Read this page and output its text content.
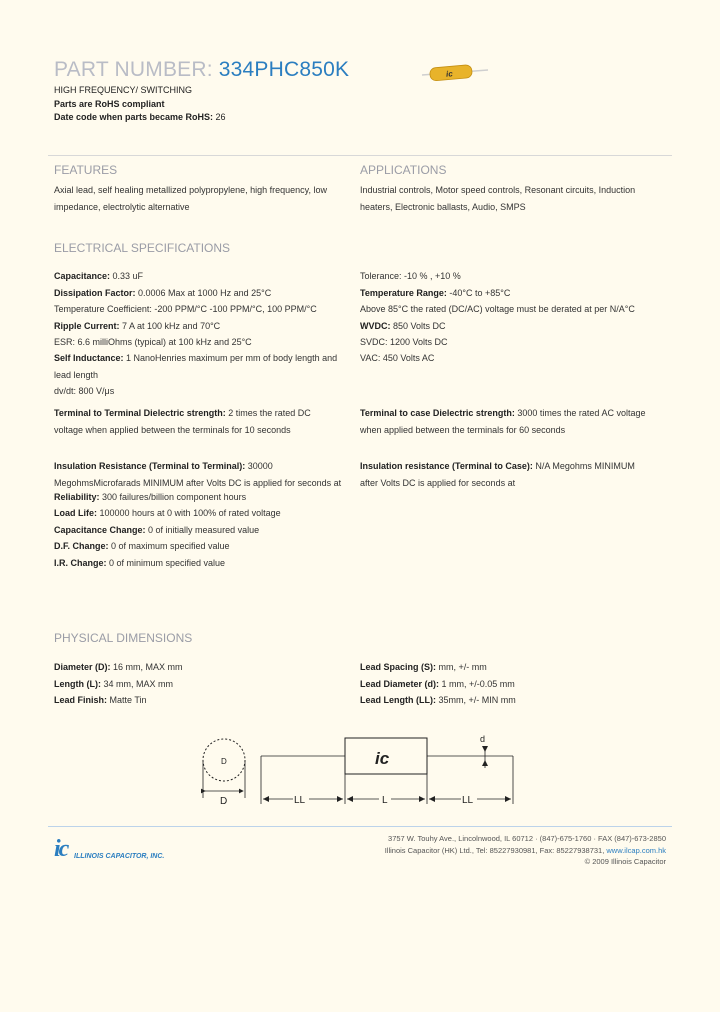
PART NUMBER: 334PHC850K	ic
HIGH FREQUENCY/ SWITCHING
Parts are RoHS compliant
Date code when parts became RoHS: 26
FEATURES
Axial lead, self healing metallized polypropylene, high frequency, low impedance, electrolytic alternative
APPLICATIONS
Industrial controls, Motor speed controls, Resonant circuits, Induction heaters, Electronic ballasts, Audio, SMPS
ELECTRICAL SPECIFICATIONS
Capacitance: 0.33 uF
Dissipation Factor: 0.0006 Max at 1000 Hz and 25°C
Temperature Coefficient: -200 PPM/°C -100 PPM/°C, 100 PPM/°C
Ripple Current: 7 A at 100 kHz and 70°C
ESR: 6.6 milliOhms (typical) at 100 kHz and 25°C
Self Inductance: 1 NanoHenries maximum per mm of body length and lead length
dv/dt: 800 V/μs
Tolerance: -10 % , +10 %
Temperature Range: -40°C to +85°C
Above 85°C the rated (DC/AC) voltage must be derated at per N/A°C
WVDC: 850 Volts DC
SVDC: 1200 Volts DC
VAC: 450 Volts AC
Terminal to Terminal Dielectric strength: 2 times the rated DC voltage when applied between the terminals for 10 seconds
Terminal to case Dielectric strength: 3000 times the rated AC voltage when applied between the terminals for 60 seconds
Insulation Resistance (Terminal to Terminal): 30000 MegohmsMicrofarads MINIMUM after Volts DC is applied for seconds at
Insulation resistance (Terminal to Case): N/A Megohms MINIMUM after Volts DC is applied for seconds at
Reliability: 300 failures/billion component hours
Load Life: 100000 hours at 0 with 100% of rated voltage
Capacitance Change: 0 of initially measured value
D.F. Change: 0 of maximum specified value
I.R. Change: 0 of minimum specified value
PHYSICAL DIMENSIONS
Diameter (D): 16 mm, MAX mm
Length (L): 34 mm, MAX mm
Lead Finish: Matte Tin
Lead Spacing (S): mm, +/- mm
Lead Diameter (d): 1 mm, +/-0.05 mm
Lead Length (LL): 35mm, +/- MIN mm
D
D
ic
d
LL	L	LL
ic ILLINOIS CAPACITOR, INC.
3757 W. Touhy Ave., Lincolnwood, IL 60712 · (847)-675-1760 · FAX (847)-673-2850
Illinois Capacitor (HK) Ltd., Tel: 85227930981, Fax: 85227938731, www.ilcap.com.hk
© 2009 Illinois Capacitor
